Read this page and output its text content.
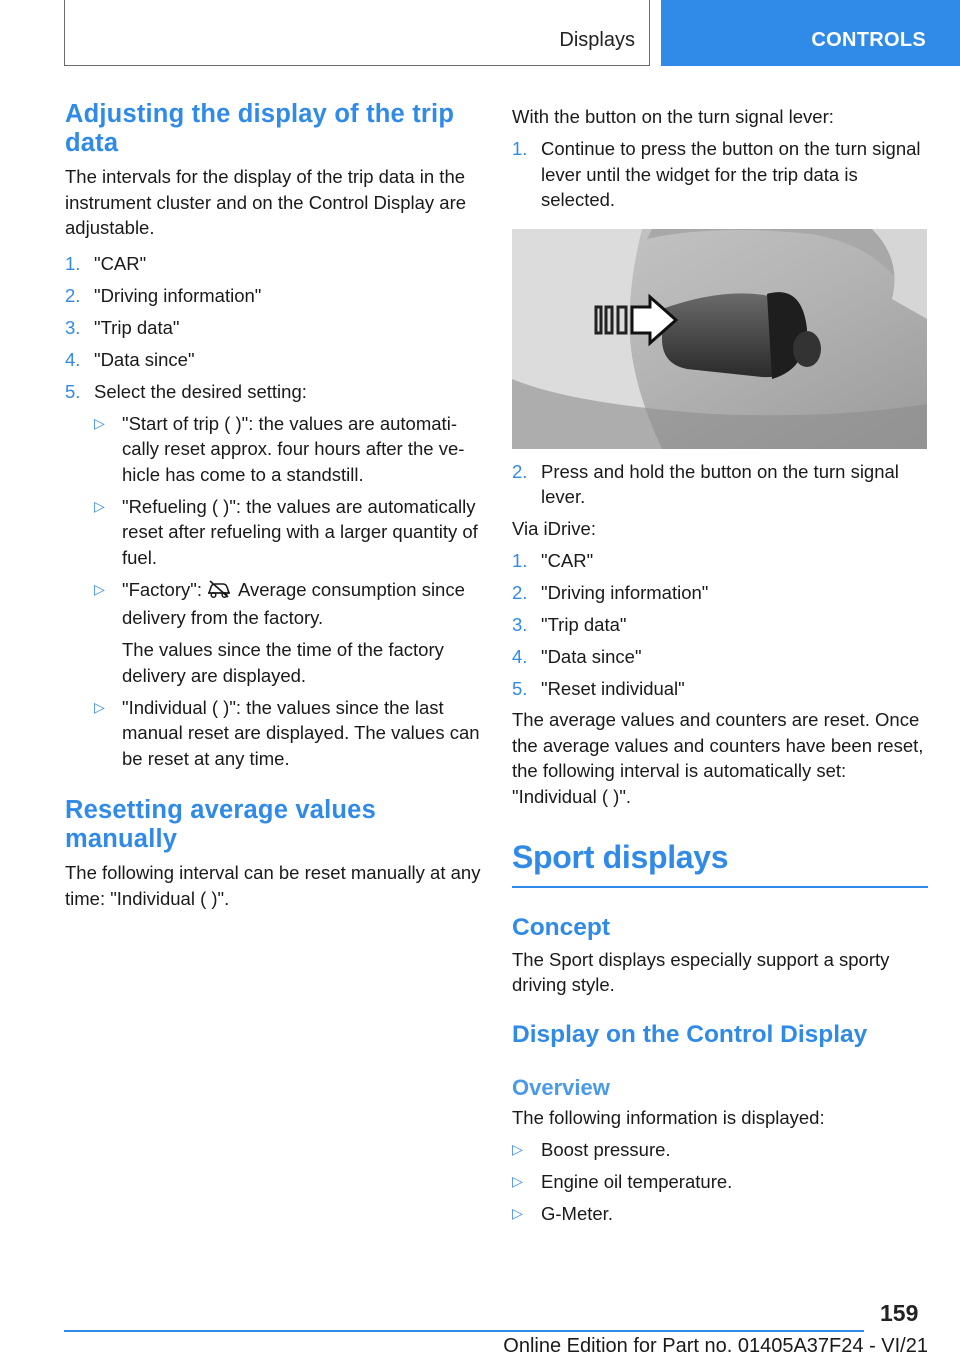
Displays	CONTROLS
Adjusting the display of the trip data

The intervals for the display of the trip data in the instrument cluster and on the Control Display are adjustable.

1. "CAR"
2. "Driving information"
3. "Trip data"
4. "Data since"
5. Select the desired setting:
▷ "Start of trip ( )": the values are automatically reset approx. four hours after the vehicle has come to a standstill.
▷ "Refueling ( )": the values are automatically reset after refueling with a larger quantity of fuel.
▷ "Factory": Average consumption since delivery from the factory.
The values since the time of the factory delivery are displayed.
▷ "Individual ( )": the values since the last manual reset are displayed. The values can be reset at any time.
Resetting average values manually

The following interval can be reset manually at any time: "Individual ( )".

With the button on the turn signal lever:

1. Continue to press the button on the turn signal lever until the widget for the trip data is selected.
2. Press and hold the button on the turn signal lever.

Via iDrive:

1. "CAR"
2. "Driving information"
3. "Trip data"
4. "Data since"
5. "Reset individual"

The average values and counters are reset. Once the average values and counters have been reset, the following interval is automatically set: "Individual ( )".

Sport displays
Concept

The Sport displays especially support a sporty driving style.

Display on the Control Display
Overview

The following information is displayed:

▷ Boost pressure.
▷ Engine oil temperature.
▷ G-Meter.
159
Online Edition for Part no. 01405A37F24 - VI/21
